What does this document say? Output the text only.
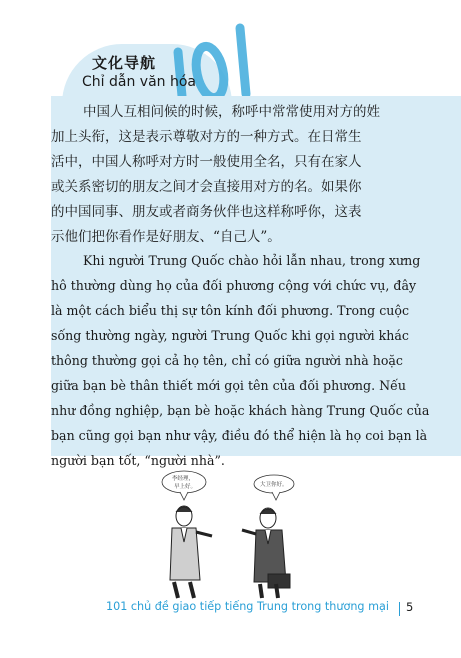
文化导航
Chỉ dẫn văn hóa
中国人互相问候的时候，称呼中常常使用对方的姓
加上头衔，这是表示尊敬对方的一种方式。在日常生
活中，中国人称呼对方时一般使用全名，只有在家人
或关系密切的朋友之间才会直接用对方的名。如果你
的中国同事、朋友或者商务伙伴也这样称呼你，这表
示他们把你看作是好朋友、“自己人”。
Khi người Trung Quốc chào hỏi lẫn nhau, trong xưng
hô thường dùng họ của đối phương cộng với chức vụ, đây
là một cách biểu thị sự tôn kính đối phương. Trong cuộc
sống thường ngày, người Trung Quốc khi gọi người khác
thông thường gọi cả họ tên, chỉ có giữa người nhà hoặc
giữa bạn bè thân thiết mới gọi tên của đối phương. Nếu
như đồng nghiệp, bạn bè hoặc khách hàng Trung Quốc của
bạn cũng gọi bạn như vậy, điều đó thể hiện là họ coi bạn là
người bạn tốt, “người nhà”.
李经理，
早上好。	大卫你好。
101 chủ đề giao tiếp tiếng Trung trong thương mại 5
